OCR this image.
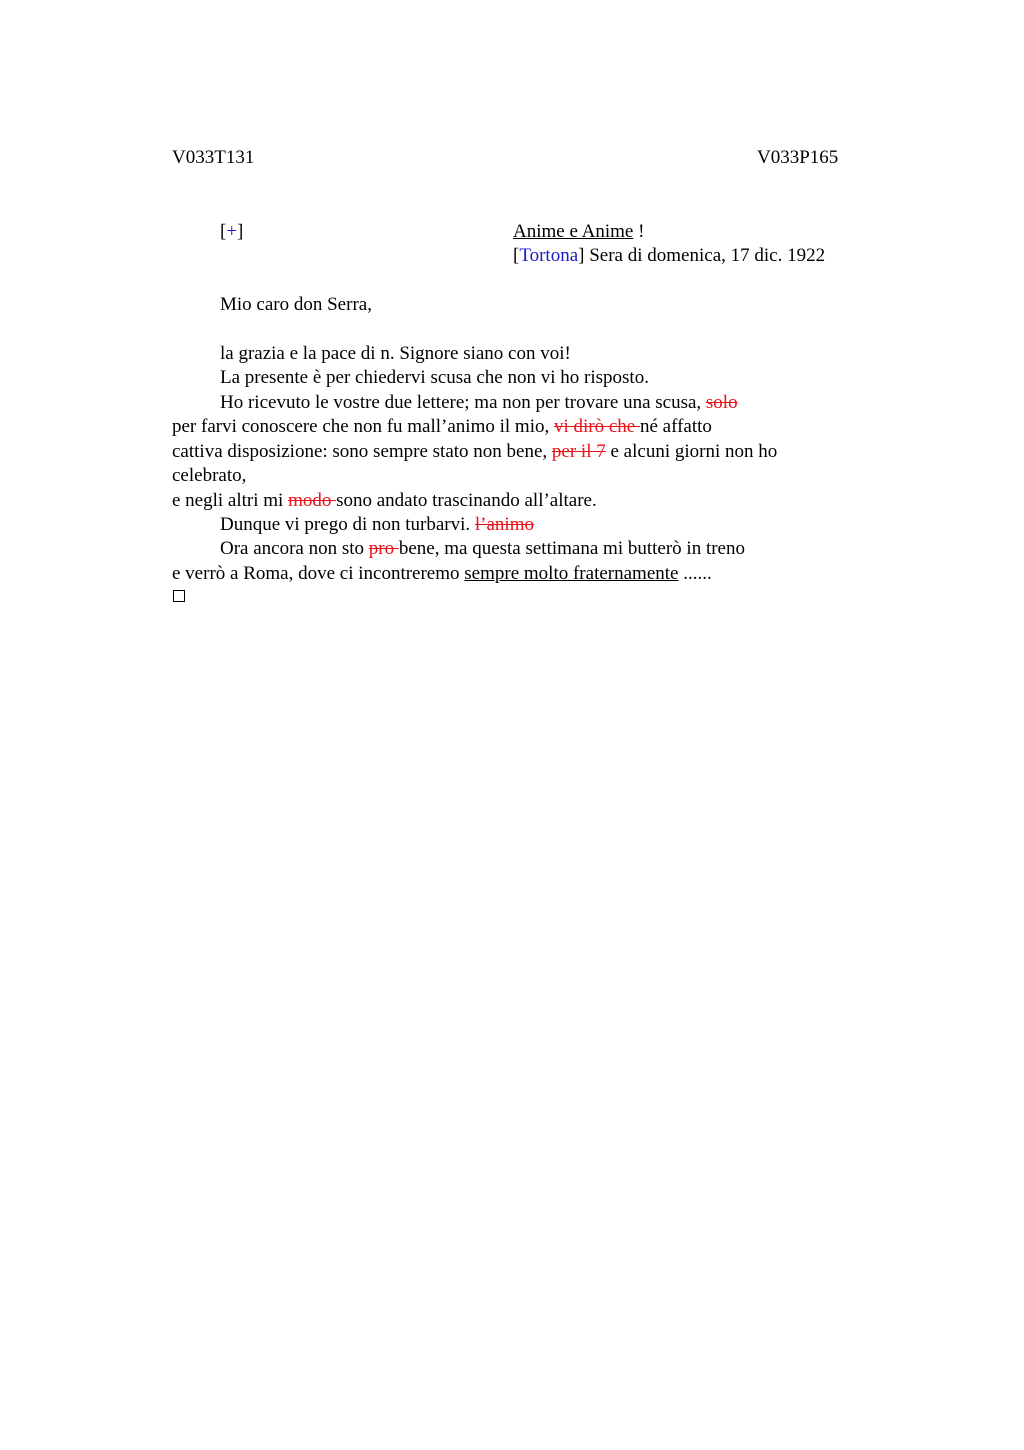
V033T131	V033P165
[+]	Anime e Anime !
[Tortona] Sera di domenica, 17 dic. 1922
Mio caro don Serra,
la grazia e la pace di n. Signore siano con voi!
La presente è per chiedervi scusa che non vi ho risposto.
Ho ricevuto le vostre due lettere; ma non per trovare una scusa, solo
per farvi conoscere che non fu mall’animo il mio, vi dirò che né affatto
cattiva disposizione: sono sempre stato non bene, per il 7 e alcuni giorni non ho
celebrato,
e negli altri mi modo sono andato trascinando all’altare.
Dunque vi prego di non turbarvi. l’animo
Ora ancora non sto pro bene, ma questa settimana mi butterò in treno
e verrò a Roma, dove ci incontreremo sempre molto fraternamente ......
